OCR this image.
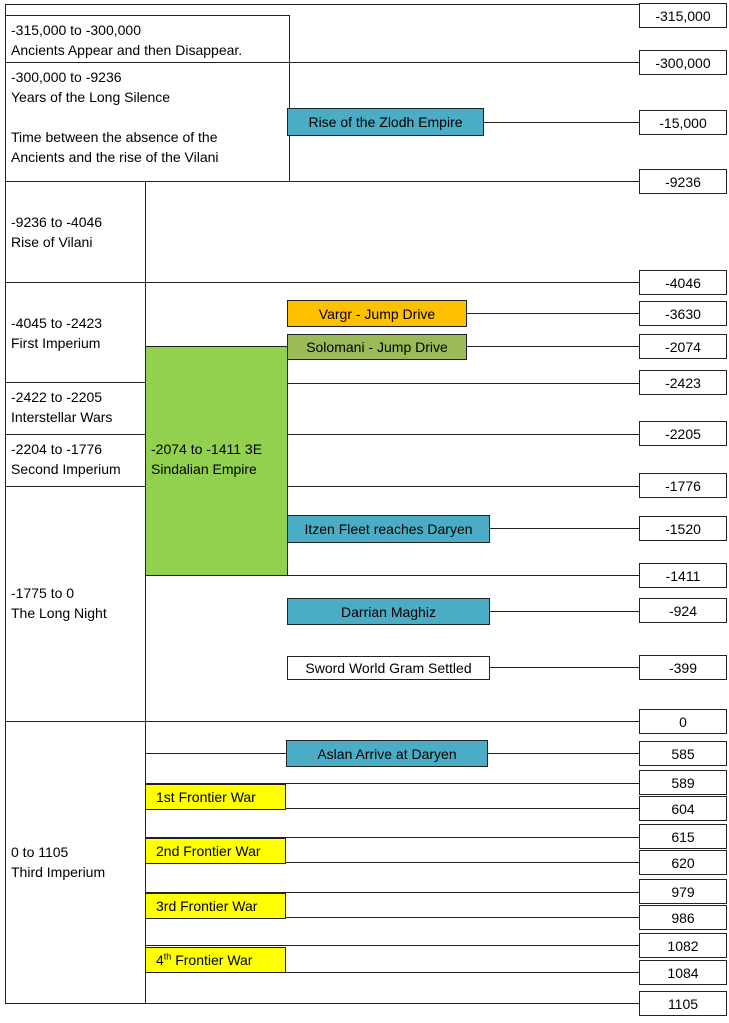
-315,000 to -300,000
Ancients Appear and then Disappear.
-300,000 to -9236
Years of the Long Silence
Time between the absence of the
Ancients and the rise of the Vilani
-9236 to -4046
Rise of Vilani
-4045 to -2423
First Imperium
-2422 to -2205
Interstellar Wars
-2204 to -1776
Second Imperium
-1775 to 0
The Long Night
0 to 1105
Third Imperium
-2074 to -1411 3E
Sindalian Empire
Rise of the Zlodh Empire
Vargr - Jump Drive
Solomani - Jump Drive
Itzen Fleet reaches Daryen
Darrian Maghiz
Sword World Gram Settled
Aslan Arrive at Daryen
1st Frontier War
2nd Frontier War
3rd Frontier War
4th Frontier War
-315,000
-300,000
-15,000
-9236
-4046
-3630
-2074
-2423
-2205
-1776
-1520
-1411
-924
-399
0
585
589
604
615
620
979
986
1082
1084
1105
